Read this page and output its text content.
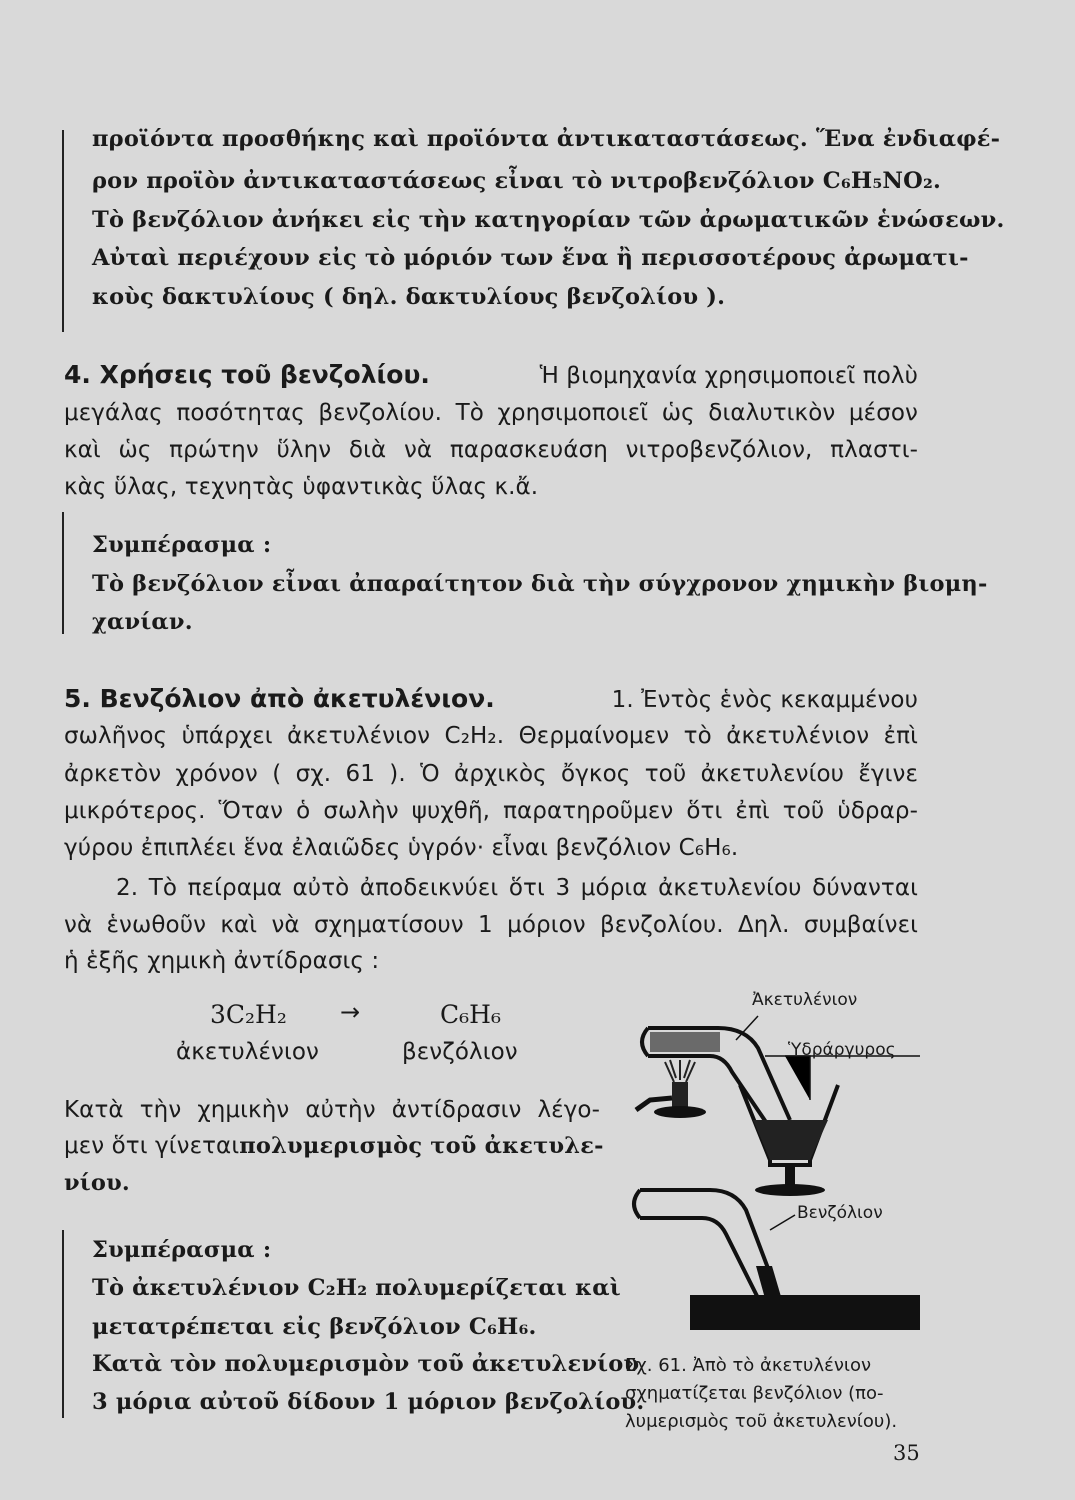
προϊόντα προσθήκης καὶ προϊόντα ἀντικαταστάσεως. Ἕνα ἐνδιαφέ-
ρον προϊὸν ἀντικαταστάσεως εἶναι τὸ νιτροβενζόλιον C₆H₅NO₂.
Τὸ βενζόλιον ἀνήκει εἰς τὴν κατηγορίαν τῶν ἀρωματικῶν ἑνώσεων.
Αὐταὶ περιέχουν εἰς τὸ μόριόν των ἕνα ἢ περισσοτέρους ἀρωματι-
κοὺς δακτυλίους ( δηλ. δακτυλίους βενζολίου ).
4. Χρήσεις τοῦ βενζολίου.	Ἡ βιομηχανία χρησιμοποιεῖ πολὺ
μεγάλας ποσότητας βενζολίου. Τὸ χρησιμοποιεῖ ὡς διαλυτικὸν μέσον
καὶ ὡς πρώτην ὕλην διὰ νὰ παρασκευάση νιτροβενζόλιον, πλαστι-
κὰς ὕλας, τεχνητὰς ὑφαντικὰς ὕλας κ.ἄ.
Συμπέρασμα :
Τὸ βενζόλιον εἶναι ἀπαραίτητον διὰ τὴν σύγχρονον χημικὴν βιομη-
χανίαν.
5. Βενζόλιον ἀπὸ ἀκετυλένιον.	1. Ἐντὸς ἑνὸς κεκαμμένου
σωλῆνος ὑπάρχει ἀκετυλένιον C₂H₂. Θερμαίνομεν τὸ ἀκετυλένιον ἐπὶ
ἀρκετὸν χρόνον ( σχ. 61 ). Ὁ ἀρχικὸς ὄγκος τοῦ ἀκετυλενίου ἔγινε
μικρότερος. Ὅταν ὁ σωλὴν ψυχθῆ, παρατηροῦμεν ὅτι ἐπὶ τοῦ ὑδραρ-
γύρου ἐπιπλέει ἕνα ἐλαιῶδες ὑγρόν· εἶναι βενζόλιον C₆H₆.
2. Τὸ πείραμα αὐτὸ ἀποδεικνύει ὅτι 3 μόρια ἀκετυλενίου δύνανται
νὰ ἑνωθοῦν καὶ νὰ σχηματίσουν 1 μόριον βενζολίου. Δηλ. συμβαίνει
ἡ ἑξῆς χημικὴ ἀντίδρασις :
3C₂H₂ →	C₆H₆
ἀκετυλένιον	βενζόλιον
Κατὰ τὴν χημικὴν αὐτὴν ἀντίδρασιν λέγο-
μεν ὅτι γίνεται πολυμερισμὸς τοῦ ἀκετυλε-
νίου.
Συμπέρασμα :
Τὸ ἀκετυλένιον C₂H₂ πολυμερίζεται καὶ
μετατρέπεται εἰς βενζόλιον C₆H₆.
Κατὰ τὸν πολυμερισμὸν τοῦ ἀκετυλενίου
3 μόρια αὐτοῦ δίδουν 1 μόριον βενζολίου.
Ἀκετυλένιον
Ὑδράργυρος
Βενζόλιον
Σχ. 61. Ἀπὸ τὸ ἀκετυλένιον
σχηματίζεται βενζόλιον (πο-
λυμερισμὸς τοῦ ἀκετυλενίου).
35
